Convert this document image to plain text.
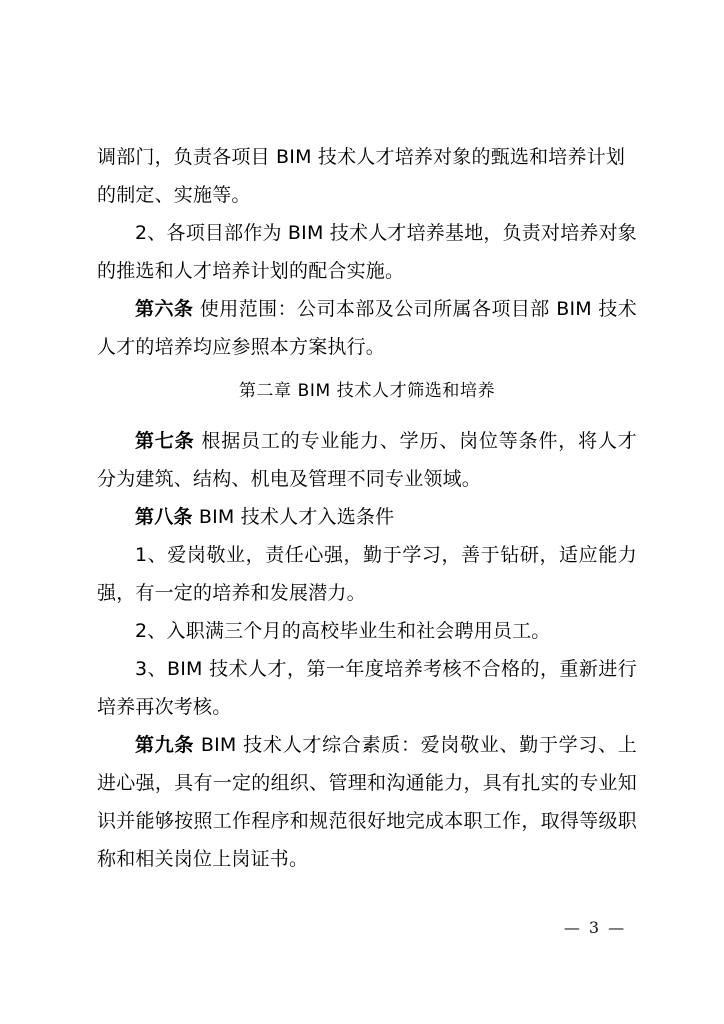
调部门，负责各项目 BIM 技术人才培养对象的甄选和培养计划
的制定、实施等。
2、各项目部作为 BIM 技术人才培养基地，负责对培养对象的推选和人才培养计划的配合实施。
第六条 使用范围：公司本部及公司所属各项目部 BIM 技术人才的培养均应参照本方案执行。
第二章 BIM 技术人才筛选和培养
第七条 根据员工的专业能力、学历、岗位等条件，将人才分为建筑、结构、机电及管理不同专业领域。
第八条 BIM 技术人才入选条件
1、爱岗敬业，责任心强，勤于学习，善于钻研，适应能力强，有一定的培养和发展潜力。
2、入职满三个月的高校毕业生和社会聘用员工。
3、BIM 技术人才，第一年度培养考核不合格的，重新进行培养再次考核。
第九条 BIM 技术人才综合素质：爱岗敬业、勤于学习、上进心强，具有一定的组织、管理和沟通能力，具有扎实的专业知识并能够按照工作程序和规范很好地完成本职工作，取得等级职称和相关岗位上岗证书。
— 3 —
